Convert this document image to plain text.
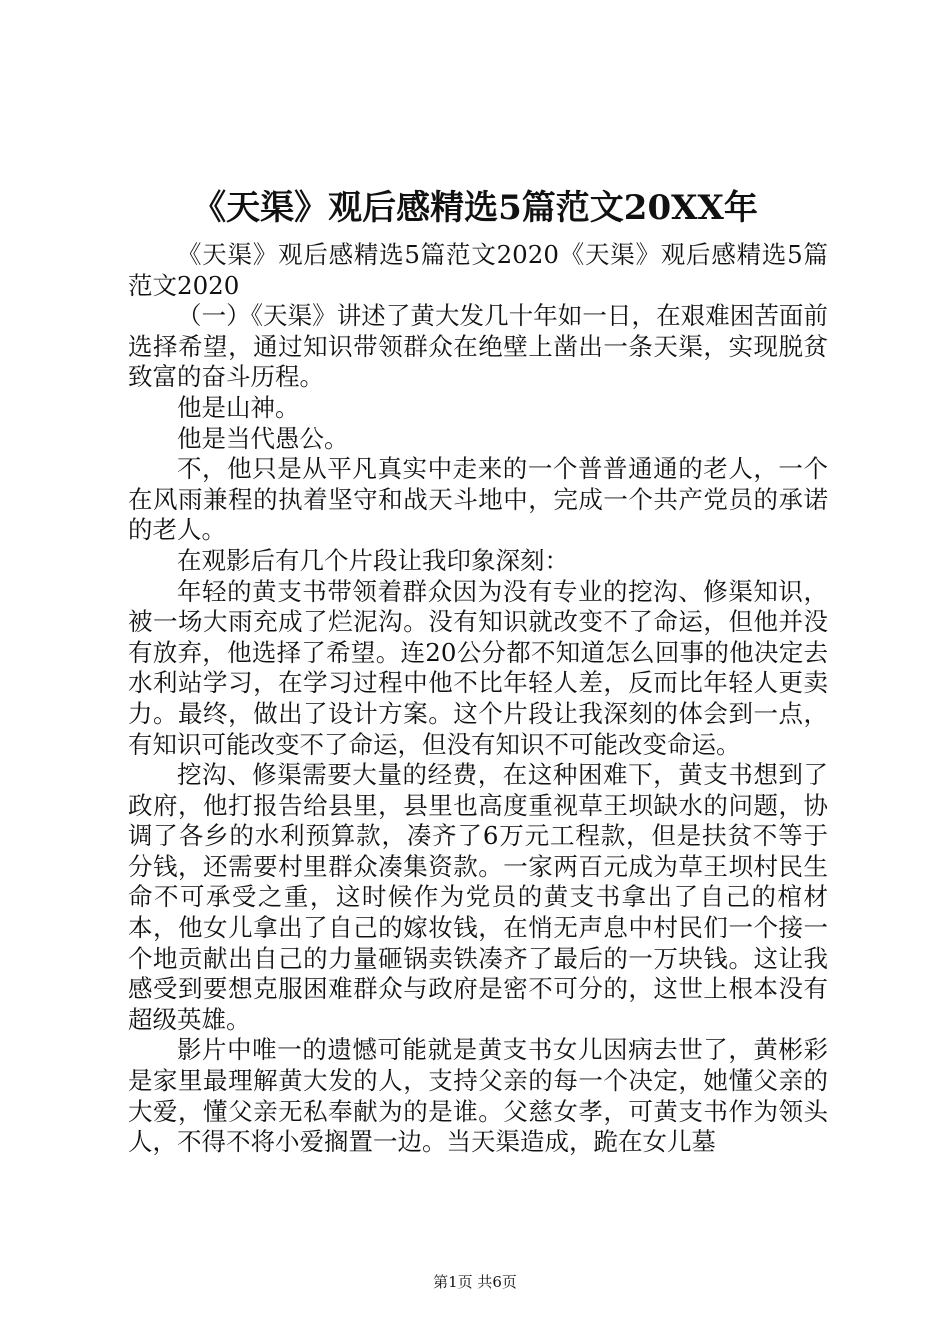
《天渠》观后感精选5篇范文20XX年

《天渠》观后感精选5篇范文2020《天渠》观后感精选5篇范文2020

（一）《天渠》讲述了黄大发几十年如一日，在艰难困苦面前选择希望，通过知识带领群众在绝壁上凿出一条天渠，实现脱贫致富的奋斗历程。

他是山神。

他是当代愚公。

不，他只是从平凡真实中走来的一个普普通通的老人，一个在风雨兼程的执着坚守和战天斗地中，完成一个共产党员的承诺的老人。

在观影后有几个片段让我印象深刻：

年轻的黄支书带领着群众因为没有专业的挖沟、修渠知识，被一场大雨充成了烂泥沟。没有知识就改变不了命运，但他并没有放弃，他选择了希望。连20公分都不知道怎么回事的他决定去水利站学习，在学习过程中他不比年轻人差，反而比年轻人更卖力。最终，做出了设计方案。这个片段让我深刻的体会到一点，有知识可能改变不了命运，但没有知识不可能改变命运。

挖沟、修渠需要大量的经费，在这种困难下，黄支书想到了政府，他打报告给县里，县里也高度重视草王坝缺水的问题，协调了各乡的水利预算款，凑齐了6万元工程款，但是扶贫不等于分钱，还需要村里群众凑集资款。一家两百元成为草王坝村民生命不可承受之重，这时候作为党员的黄支书拿出了自己的棺材本，他女儿拿出了自己的嫁妆钱，在悄无声息中村民们一个接一个地贡献出自己的力量砸锅卖铁凑齐了最后的一万块钱。这让我感受到要想克服困难群众与政府是密不可分的，这世上根本没有超级英雄。

影片中唯一的遗憾可能就是黄支书女儿因病去世了，黄彬彩是家里最理解黄大发的人，支持父亲的每一个决定，她懂父亲的大爱，懂父亲无私奉献为的是谁。父慈女孝，可黄支书作为领头人，不得不将小爱搁置一边。当天渠造成，跪在女儿墓

第1页 共6页
